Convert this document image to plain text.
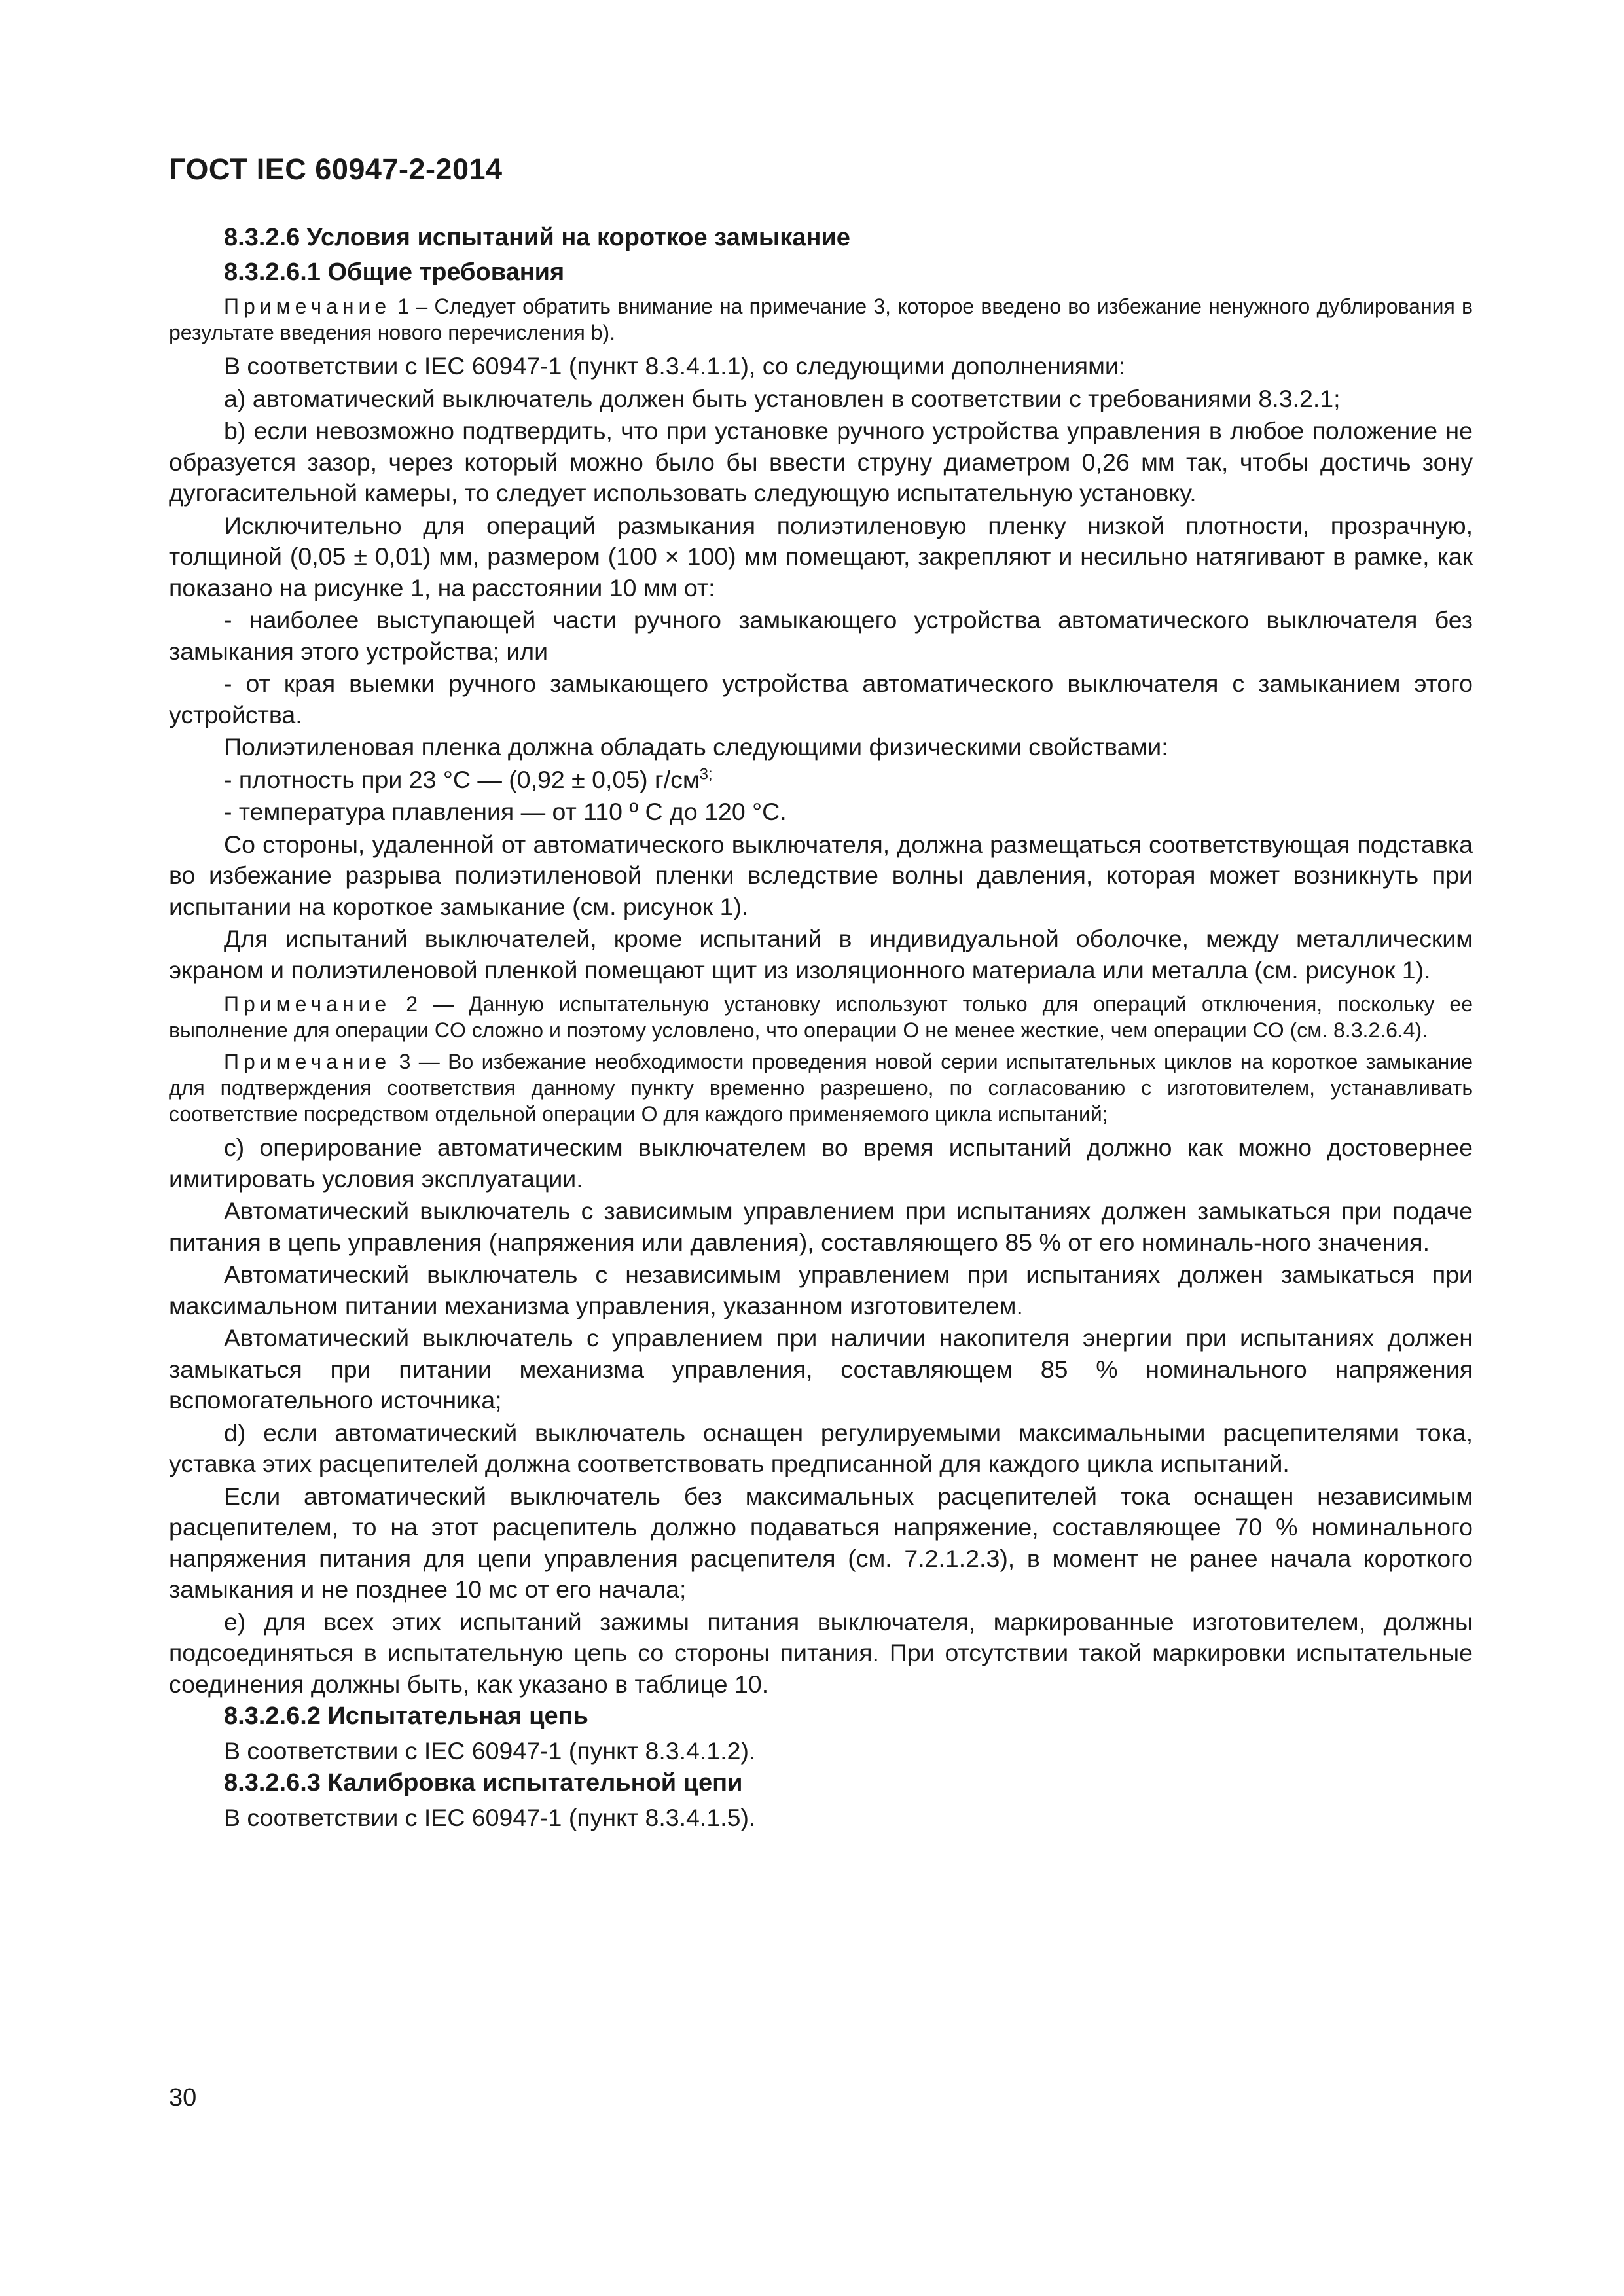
ГОСТ IEC 60947-2-2014

8.3.2.6 Условия испытаний на короткое замыкание

8.3.2.6.1 Общие требования

Примечание 1 – Следует обратить внимание на примечание 3, которое введено во избежание ненужного дублирования в результате введения нового перечисления b).

В соответствии с IEC 60947-1 (пункт 8.3.4.1.1), со следующими дополнениями:

a) автоматический выключатель должен быть установлен в соответствии с требованиями 8.3.2.1;

b) если невозможно подтвердить, что при установке ручного устройства управления в любое положение не образуется зазор, через который можно было бы ввести струну диаметром 0,26 мм так, чтобы достичь зону дугогасительной камеры, то следует использовать следующую испытательную установку.

Исключительно для операций размыкания полиэтиленовую пленку низкой плотности, прозрачную, толщиной (0,05 ± 0,01) мм, размером (100 × 100) мм помещают, закрепляют и несильно натягивают в рамке, как показано на рисунке 1, на расстоянии 10 мм от:

- наиболее выступающей части ручного замыкающего устройства автоматического выключателя без замыкания этого устройства; или

- от края выемки ручного замыкающего устройства автоматического выключателя с замыканием этого устройства.

Полиэтиленовая пленка должна обладать следующими физическими свойствами:

- плотность при 23 °C — (0,92 ± 0,05) $г/см^{3;}$

- температура плавления — от 110 º С до 120 °С.

Со стороны, удаленной от автоматического выключателя, должна размещаться соответствующая подставка во избежание разрыва полиэтиленовой пленки вследствие волны давления, которая может возникнуть при испытании на короткое замыкание (см. рисунок 1).

Для испытаний выключателей, кроме испытаний в индивидуальной оболочке, между металлическим экраном и полиэтиленовой пленкой помещают щит из изоляционного материала или металла (см. рисунок 1).

Примечание 2 — Данную испытательную установку используют только для операций отключения, поскольку ее выполнение для операции CO сложно и поэтому условлено, что операции O не менее жесткие, чем операции CO (см. 8.3.2.6.4).

Примечание 3 — Во избежание необходимости проведения новой серии испытательных циклов на короткое замыкание для подтверждения соответствия данному пункту временно разрешено, по согласованию с изготовителем, устанавливать соответствие посредством отдельной операции O для каждого применяемого цикла испытаний;

c) оперирование автоматическим выключателем во время испытаний должно как можно достовернее имитировать условия эксплуатации.

Автоматический выключатель с зависимым управлением при испытаниях должен замыкаться при подаче питания в цепь управления (напряжения или давления), составляющего 85 % от его номиналь-ного значения.

Автоматический выключатель с независимым управлением при испытаниях должен замыкаться при максимальном питании механизма управления, указанном изготовителем.

Автоматический выключатель с управлением при наличии накопителя энергии при испытаниях должен замыкаться при питании механизма управления, составляющем 85 % номинального напряжения вспомогательного источника;

d) если автоматический выключатель оснащен регулируемыми максимальными расцепителями тока, уставка этих расцепителей должна соответствовать предписанной для каждого цикла испытаний.

Если автоматический выключатель без максимальных расцепителей тока оснащен независимым расцепителем, то на этот расцепитель должно подаваться напряжение, составляющее 70 % номинального напряжения питания для цепи управления расцепителя (см. 7.2.1.2.3), в момент не ранее начала короткого замыкания и не позднее 10 мс от его начала;

e) для всех этих испытаний зажимы питания выключателя, маркированные изготовителем, должны подсоединяться в испытательную цепь со стороны питания. При отсутствии такой маркировки испытательные соединения должны быть, как указано в таблице 10.

8.3.2.6.2 Испытательная цепь

В соответствии с IEC 60947-1 (пункт 8.3.4.1.2).

8.3.2.6.3 Калибровка испытательной цепи

В соответствии с IEC 60947-1 (пункт 8.3.4.1.5).

30
